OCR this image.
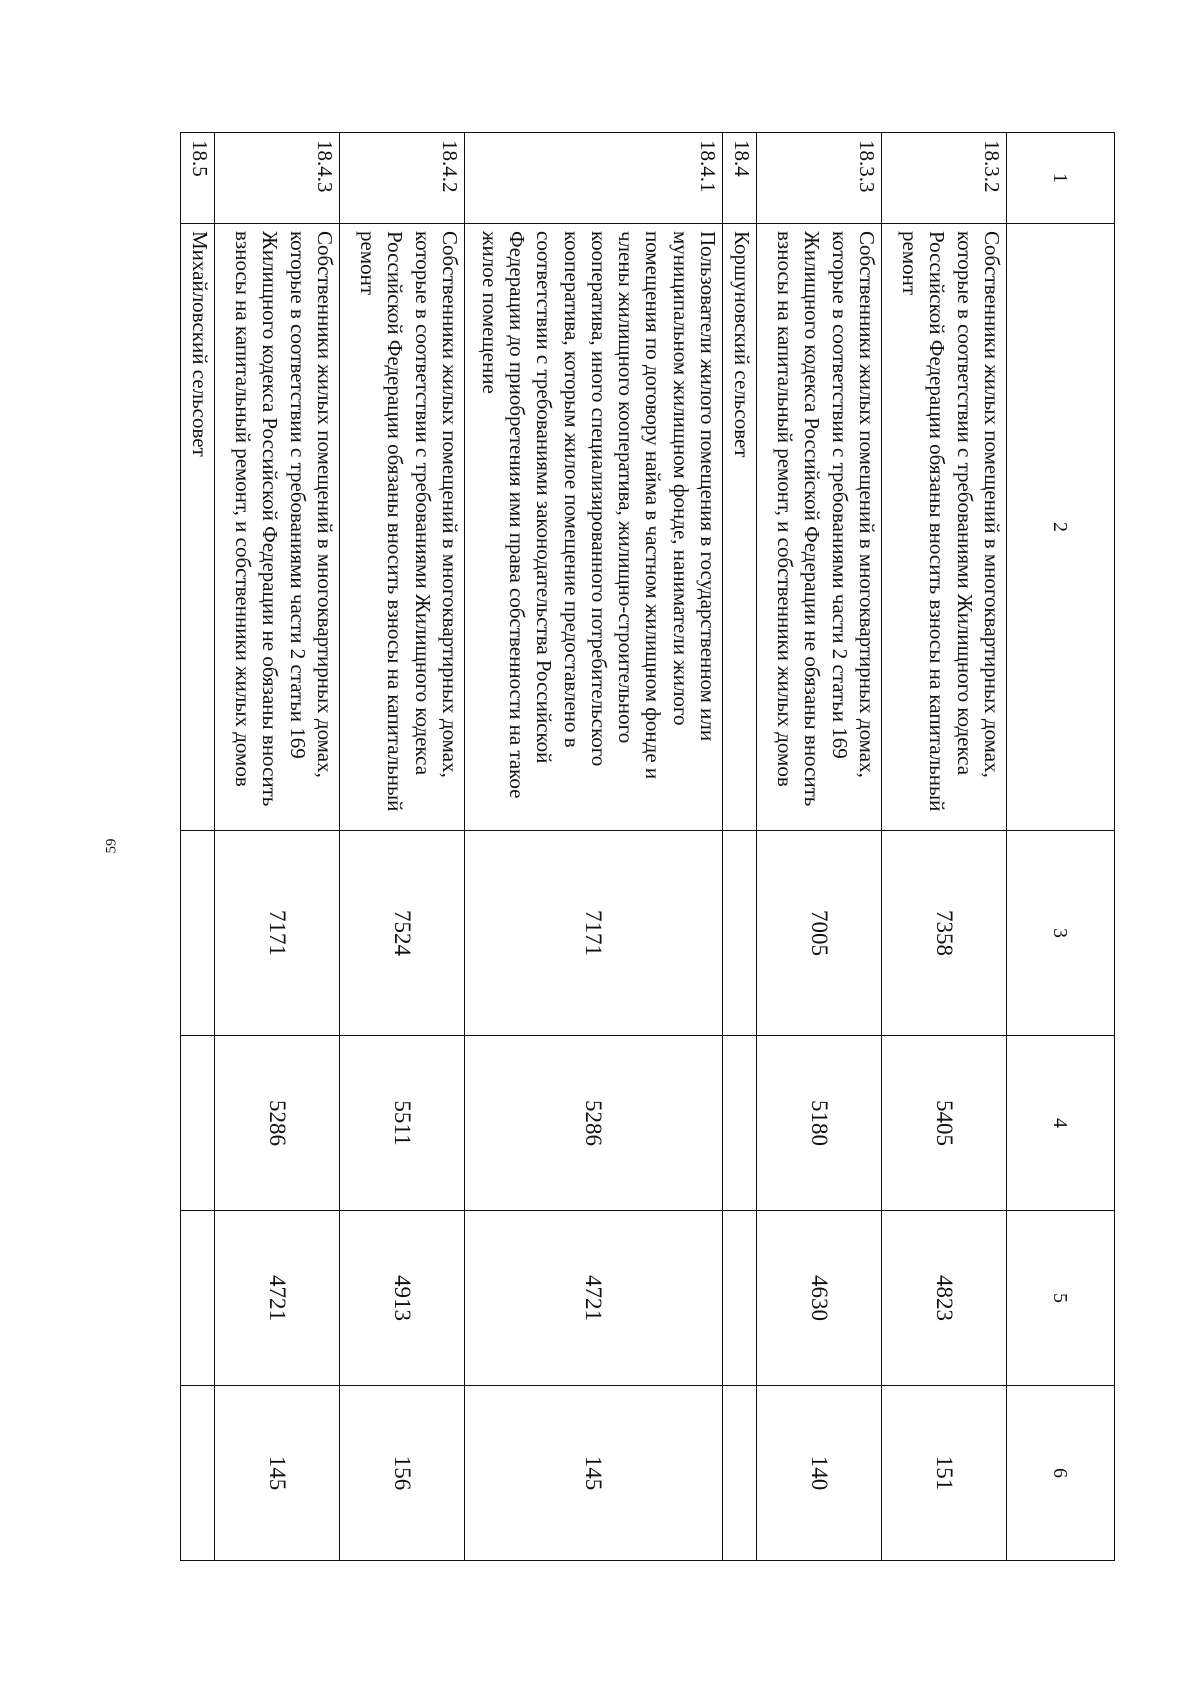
59
1	2	3	4	5	6
18.3.2	Собственники жилых помещений в многоквартирных домах, которые в соответствии с требованиями Жилищного кодекса Российской Федерации обязаны вносить взносы на капитальный ремонт	7358	5405	4823	151
18.3.3	Собственники жилых помещений в многоквартирных домах, которые в соответствии с требованиями части 2 статьи 169 Жилищного кодекса Российской Федерации не обязаны вносить взносы на капитальный ремонт, и собственники жилых домов	7005	5180	4630	140
18.4	Коршуновский сельсовет				
18.4.1	Пользователи жилого помещения в государственном или муниципальном жилищном фонде, наниматели жилого помещения по договору найма в частном жилищном фонде и члены жилищного кооператива, жилищно-строительного кооператива, иного специализированного потребительского кооператива, которым жилое помещение предоставлено в соответствии с требованиями законодательства Российской Федерации до приобретения ими права собственности на такое жилое помещение	7171	5286	4721	145
18.4.2	Собственники жилых помещений в многоквартирных домах, которые в соответствии с требованиями Жилищного кодекса Российской Федерации обязаны вносить взносы на капитальный ремонт	7524	5511	4913	156
18.4.3	Собственники жилых помещений в многоквартирных домах, которые в соответствии с требованиями части 2 статьи 169 Жилищного кодекса Российской Федерации не обязаны вносить взносы на капитальный ремонт, и собственники жилых домов	7171	5286	4721	145
18.5	Михайловский сельсовет				
